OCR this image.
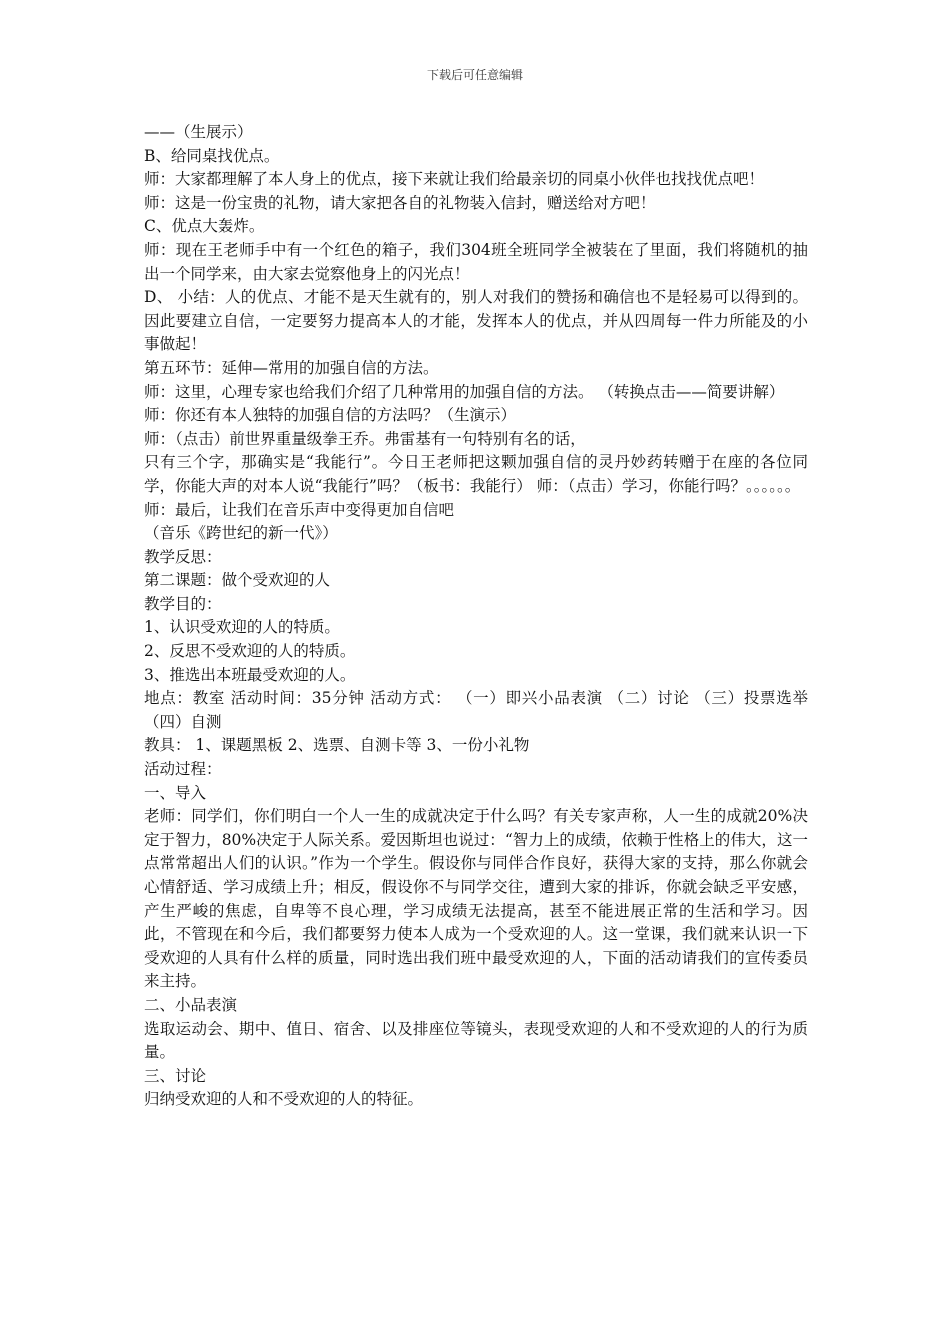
下载后可任意编辑

——（生展示）

B、给同桌找优点。

师：大家都理解了本人身上的优点，接下来就让我们给最亲切的同桌小伙伴也找找优点吧！

师：这是一份宝贵的礼物，请大家把各自的礼物装入信封，赠送给对方吧！

C、优点大轰炸。

师：现在王老师手中有一个红色的箱子，我们304班全班同学全被装在了里面，我们将随机的抽出一个同学来，由大家去觉察他身上的闪光点！

D、 小结：人的优点、才能不是天生就有的，别人对我们的赞扬和确信也不是轻易可以得到的。因此要建立自信，一定要努力提高本人的才能，发挥本人的优点，并从四周每一件力所能及的小事做起！

第五环节：延伸—常用的加强自信的方法。

师：这里，心理专家也给我们介绍了几种常用的加强自信的方法。 （转换点击——简要讲解）

师：你还有本人独特的加强自信的方法吗？（生演示）

师：（点击）前世界重量级拳王乔。弗雷基有一句特别有名的话，

只有三个字，那确实是“我能行”。今日王老师把这颗加强自信的灵丹妙药转赠于在座的各位同学，你能大声的对本人说“我能行”吗？（板书：我能行） 师：（点击）学习，你能行吗？。。。。。。

师：最后，让我们在音乐声中变得更加自信吧

（音乐《跨世纪的新一代》）

教学反思：

第二课题：做个受欢迎的人

教学目的：

1、认识受欢迎的人的特质。

2、反思不受欢迎的人的特质。

3、推选出本班最受欢迎的人。

地点：教室 活动时间：35分钟 活动方式： （一）即兴小品表演 （二）讨论 （三）投票选举 （四）自测

教具： 1、课题黑板 2、选票、自测卡等 3、一份小礼物

活动过程：

一、导入

老师：同学们，你们明白一个人一生的成就决定于什么吗？有关专家声称，人一生的成就20%决定于智力，80%决定于人际关系。爱因斯坦也说过：“智力上的成绩，依赖于性格上的伟大，这一点常常超出人们的认识。”作为一个学生。假设你与同伴合作良好，获得大家的支持，那么你就会心情舒适、学习成绩上升；相反，假设你不与同学交往，遭到大家的排诉，你就会缺乏平安感，产生严峻的焦虑，自卑等不良心理，学习成绩无法提高，甚至不能进展正常的生活和学习。因此，不管现在和今后，我们都要努力使本人成为一个受欢迎的人。这一堂课，我们就来认识一下受欢迎的人具有什么样的质量，同时选出我们班中最受欢迎的人，下面的活动请我们的宣传委员来主持。

二、小品表演

选取运动会、期中、值日、宿舍、以及排座位等镜头，表现受欢迎的人和不受欢迎的人的行为质量。

三、讨论

归纳受欢迎的人和不受欢迎的人的特征。
